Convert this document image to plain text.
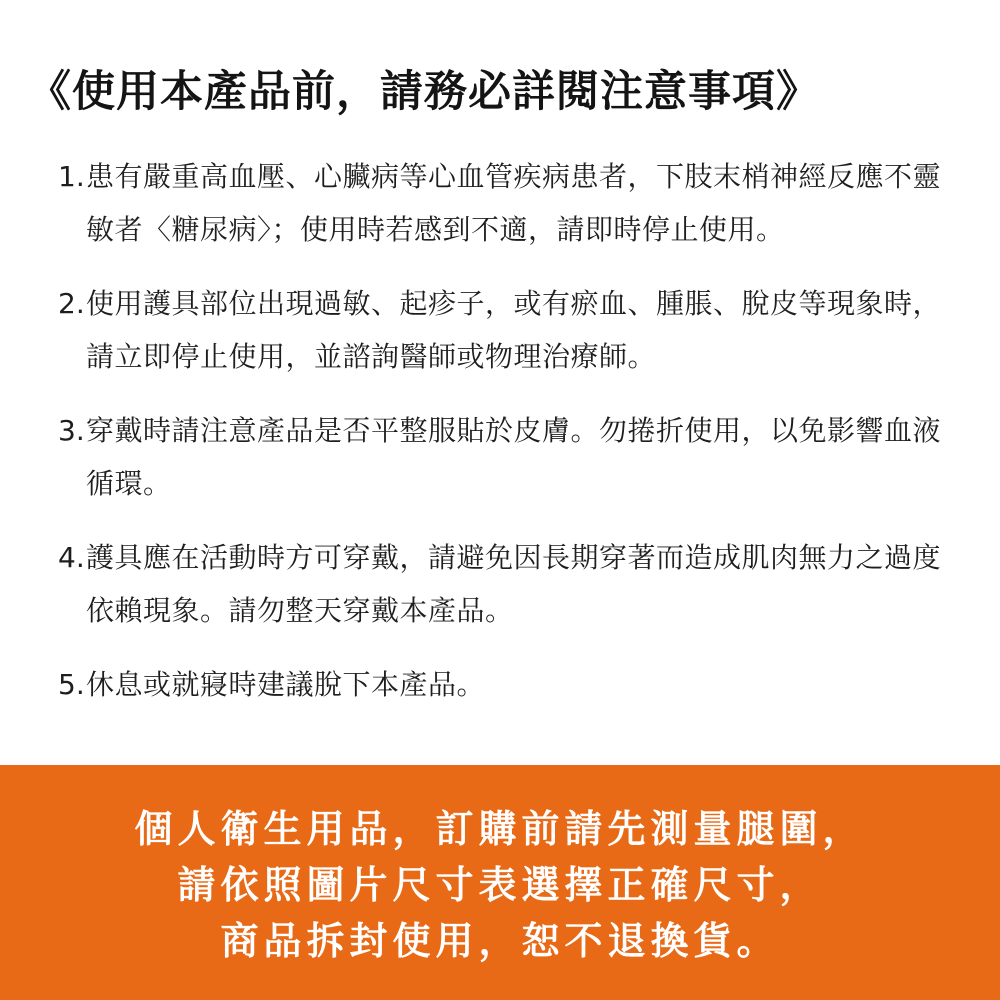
《使用本產品前，請務必詳閱注意事項》
1. 患有嚴重高血壓、心臟病等心血管疾病患者，下肢末梢神經反應不靈敏者〈糖尿病〉；使用時若感到不適，請即時停止使用。
2. 使用護具部位出現過敏、起疹子，或有瘀血、腫脹、脫皮等現象時，請立即停止使用，並諮詢醫師或物理治療師。
3. 穿戴時請注意產品是否平整服貼於皮膚。勿捲折使用，以免影響血液循環。
4. 護具應在活動時方可穿戴，請避免因長期穿著而造成肌肉無力之過度依賴現象。請勿整天穿戴本產品。
5. 休息或就寢時建議脫下本產品。
個人衛生用品，訂購前請先測量腿圍，
請依照圖片尺寸表選擇正確尺寸，
商品拆封使用，恕不退換貨。
